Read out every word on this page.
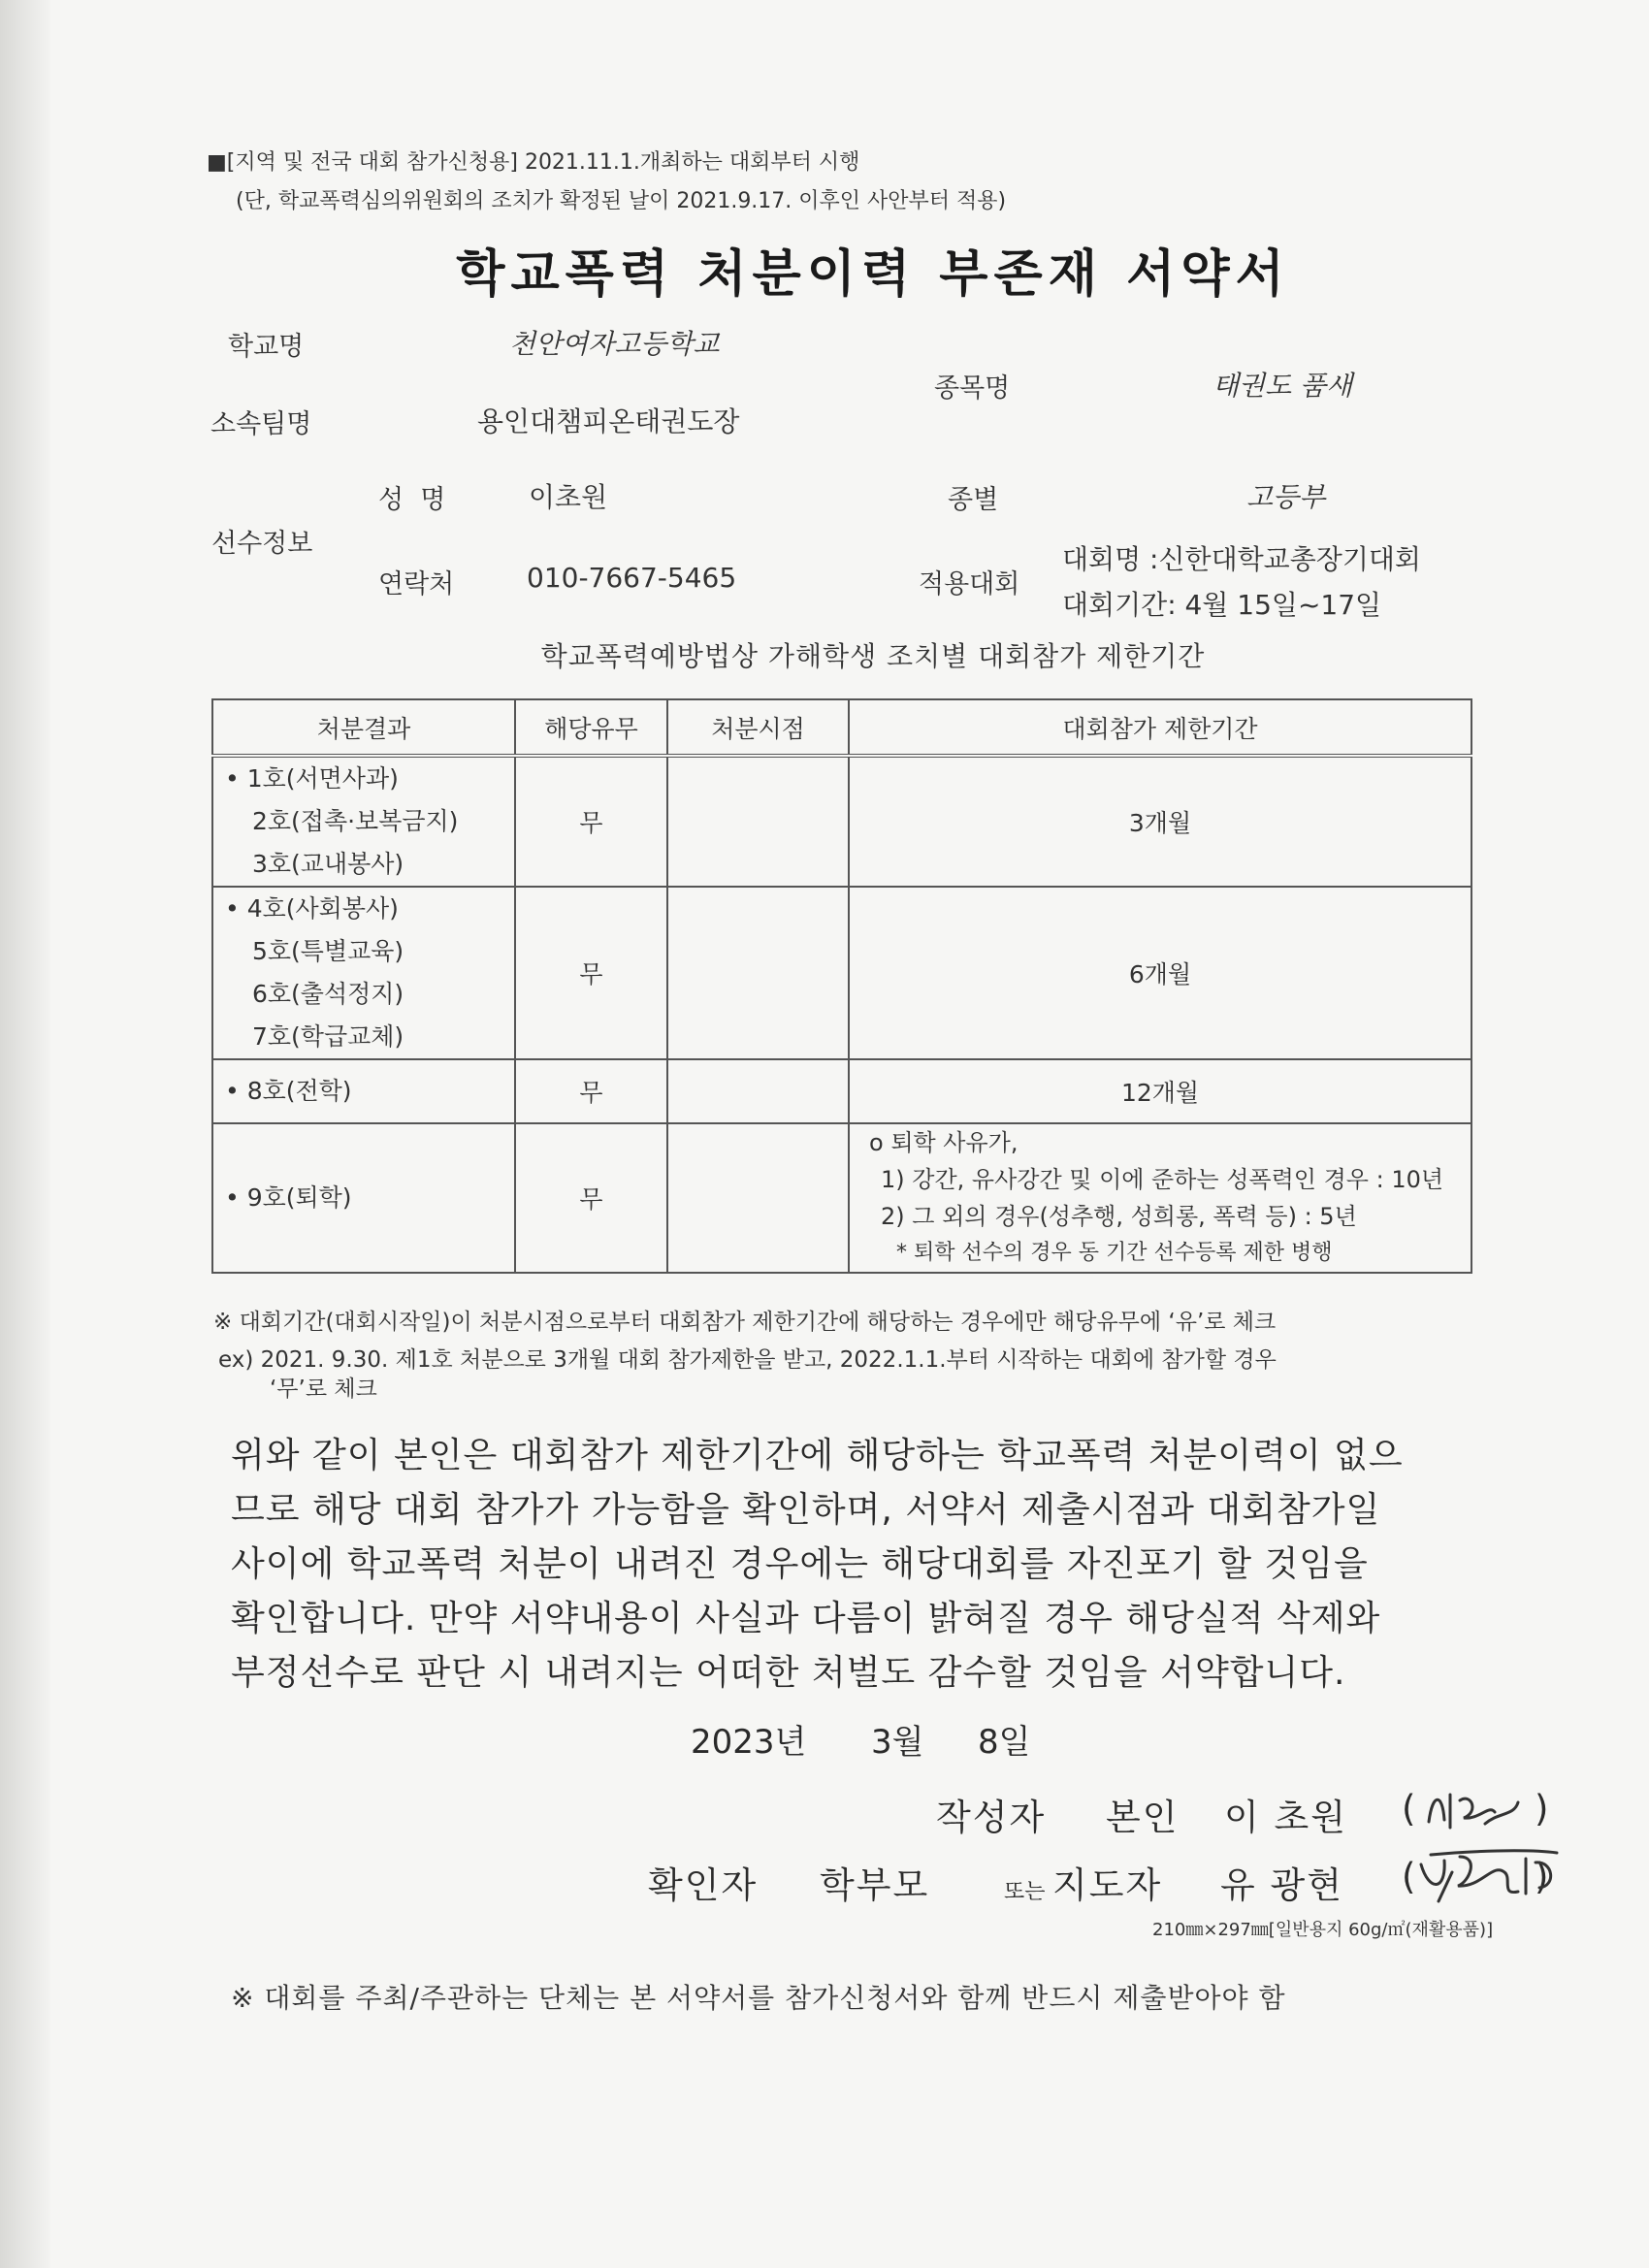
■[지역 및 전국 대회 참가신청용] 2021.11.1.개최하는 대회부터 시행
(단, 학교폭력심의위원회의 조치가 확정된 날이 2021.9.17. 이후인 사안부터 적용)
학교폭력 처분이력 부존재 서약서
학교명	천안여자고등학교
종목명	태권도 품새
소속팀명	용인대챔피온태권도장
선수정보
성  명	이초원	종별	고등부
연락처	010-7667-5465	적용대회
대회명 :신한대학교총장기대회
대회기간: 4월 15일~17일
학교폭력예방법상 가해학생 조치별 대회참가 제한기간
처분결과	해당유무	처분시점	대회참가 제한기간

• 1호(서면사과)
2호(접촉·보복금지)
3호(교내봉사)	무		3개월

• 4호(사회봉사)
5호(특별교육)
6호(출석정지)
7호(학급교체)	무		6개월

• 8호(전학)	무		12개월

• 9호(퇴학)	무		o 퇴학 사유가,
1) 강간, 유사강간 및 이에 준하는 성폭력인 경우 : 10년
2) 그 외의 경우(성추행, 성희롱, 폭력 등) : 5년
* 퇴학 선수의 경우 동 기간 선수등록 제한 병행
※ 대회기간(대회시작일)이 처분시점으로부터 대회참가 제한기간에 해당하는 경우에만 해당유무에 ‘유’로 체크
ex) 2021. 9.30. 제1호 처분으로 3개월 대회 참가제한을 받고, 2022.1.1.부터 시작하는 대회에 참가할 경우
‘무’로 체크

위와 같이 본인은 대회참가 제한기간에 해당하는 학교폭력 처분이력이 없으

므로 해당 대회 참가가 가능함을 확인하며, 서약서 제출시점과 대회참가일

사이에 학교폭력 처분이 내려진 경우에는 해당대회를 자진포기 할 것임을

확인합니다. 만약 서약내용이 사실과 다름이 밝혀질 경우 해당실적 삭제와

부정선수로 판단 시 내려지는 어떠한 처벌도 감수할 것임을 서약합니다.

2023년 3월 8일
작성자 본인 이 초원 (	)
확인자 학부모	또는 지도자 유 광현 (	)
210㎜×297㎜[일반용지 60g/㎡(재활용품)]
※ 대회를 주최/주관하는 단체는 본 서약서를 참가신청서와 함께 반드시 제출받아야 함
